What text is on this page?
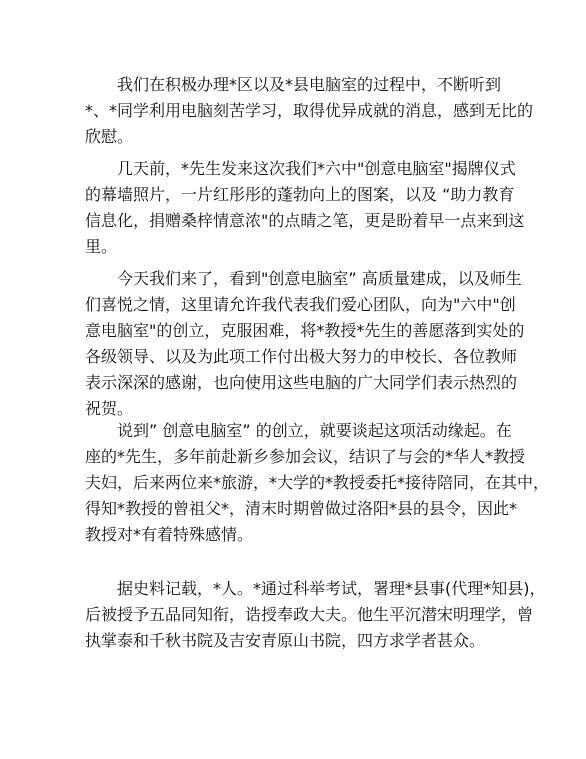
我们在积极办理*区以及*县电脑室的过程中，不断听到
*、*同学利用电脑刻苦学习，取得优异成就的消息，感到无比的
欣慰。
几天前，*先生发来这次我们*六中"创意电脑室"揭牌仪式
的幕墙照片，一片红彤彤的蓬勃向上的图案，以及 “助力教育
信息化，捐赠桑梓情意浓"的点睛之笔，更是盼着早一点来到这
里。
今天我们来了，看到"创意电脑室” 高质量建成，以及师生
们喜悦之情，这里请允许我代表我们爱心团队，向为"六中"创
意电脑室"的创立，克服困难，将*教授*先生的善愿落到实处的
各级领导、以及为此项工作付出极大努力的申校长、各位教师
表示深深的感谢，也向使用这些电脑的广大同学们表示热烈的
祝贺。
说到” 创意电脑室” 的创立，就要谈起这项活动缘起。在
座的*先生，多年前赴新乡参加会议，结识了与会的*华人*教授
夫妇，后来两位来*旅游，*大学的*教授委托*接待陪同，在其中，
得知*教授的曾祖父*，清末时期曾做过洛阳*县的县令，因此*
教授对*有着特殊感情。
据史料记载，*人。*通过科举考试，署理*县事(代理*知县)，
后被授予五品同知衔，诰授奉政大夫。他生平沉潜宋明理学，曾
执掌泰和千秋书院及吉安青原山书院，四方求学者甚众。
